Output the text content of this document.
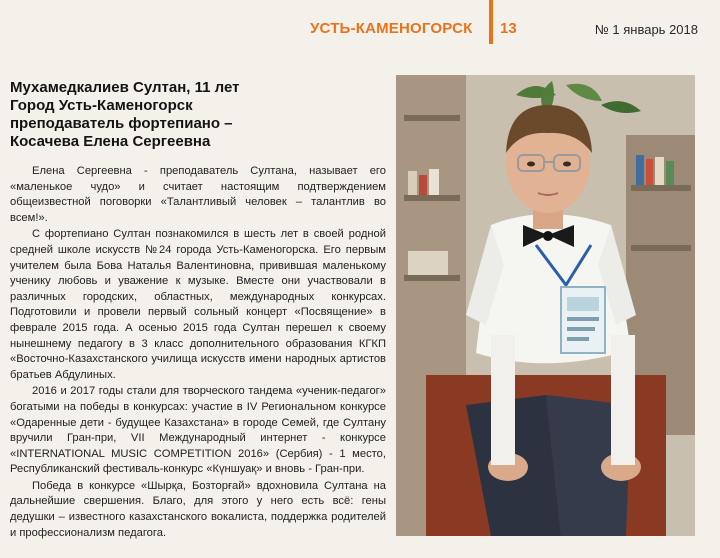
УСТЬ-КАМЕНОГОРСК 13	№ 1 январь 2018
Мухамедкалиев Султан, 11 лет
Город Усть-Каменогорск
преподаватель фортепиано –
Косачева Елена Сергеевна

Елена Сергеевна - преподаватель Султана, называет его «маленькое чудо» и считает настоящим подтверждением общеизвестной поговорки «Талантливый человек – талантлив во всем!».

С фортепиано Султан познакомился в шесть лет в своей родной средней школе искусств №24 города Усть-Каменогорска. Его первым учителем была Бова Наталья Валентиновна, привившая маленькому ученику любовь и уважение к музыке. Вместе они участвовали в различных городских, областных, международных конкурсах. Подготовили и провели первый сольный концерт «Посвящение» в феврале 2015 года. А осенью 2015 года Султан перешел к своему нынешнему педагогу в 3 класс дополнительного образования КГКП «Восточно-Казахстанского училища искусств имени народных артистов братьев Абдулиных.

2016 и 2017 годы стали для творческого тандема «ученик-педагог» богатыми на победы в конкурсах: участие в IV Региональном конкурсе «Одаренные дети - будущее Казахстана» в городе Семей, где Султану вручили Гран-при, VII Международный интернет - конкурсе «INTERNATIONAL MUSIC COMPETITION 2016» (Сербия) - 1 место, Республиканский фестиваль-конкурс «Күншуақ» и вновь - Гран-при.

Победа в конкурсе «Шырқа, Бозторғай» вдохновила Султана на дальнейшие свершения. Благо, для этого у него есть всё: гены дедушки – известного казахстанского вокалиста, поддержка родителей и профессионализм педагога.
